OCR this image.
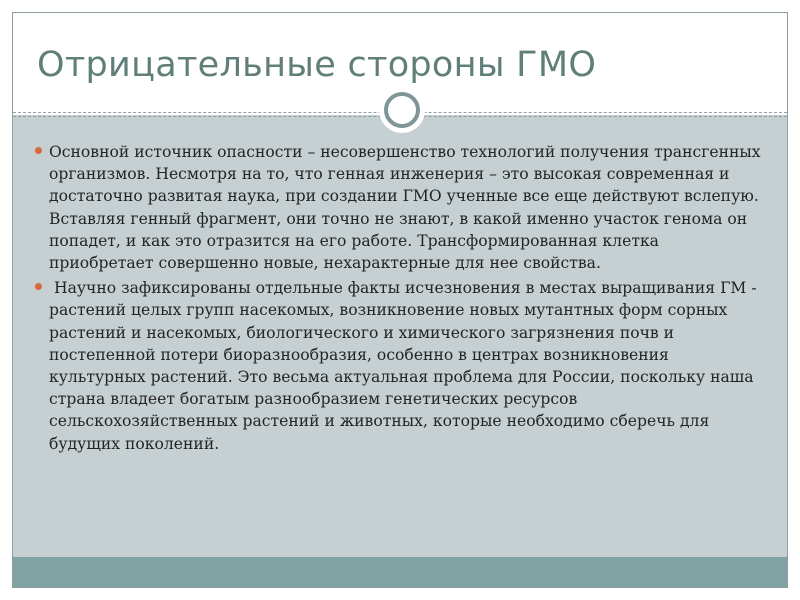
Отрицательные стороны ГМО
Основной источник опасности – несовершенство технологий получения трансгенных организмов. Несмотря на то, что генная инженерия – это высокая современная и достаточно развитая наука, при создании ГМО ученные все еще действуют вслепую. Вставляя генный фрагмент, они точно не знают, в какой именно участок генома он попадет, и как это отразится на его работе. Трансформированная клетка приобретает совершенно новые, нехарактерные для нее свойства.
Научно зафиксированы отдельные факты исчезновения в местах выращивания ГМ - растений целых групп насекомых, возникновение новых мутантных форм сорных растений и насекомых, биологического и химического загрязнения почв и постепенной потери биоразнообразия, особенно в центрах возникновения культурных растений. Это весьма актуальная проблема для России, поскольку наша страна владеет богатым разнообразием генетических ресурсов сельскохозяйственных растений и животных, которые необходимо сберечь для будущих поколений.
